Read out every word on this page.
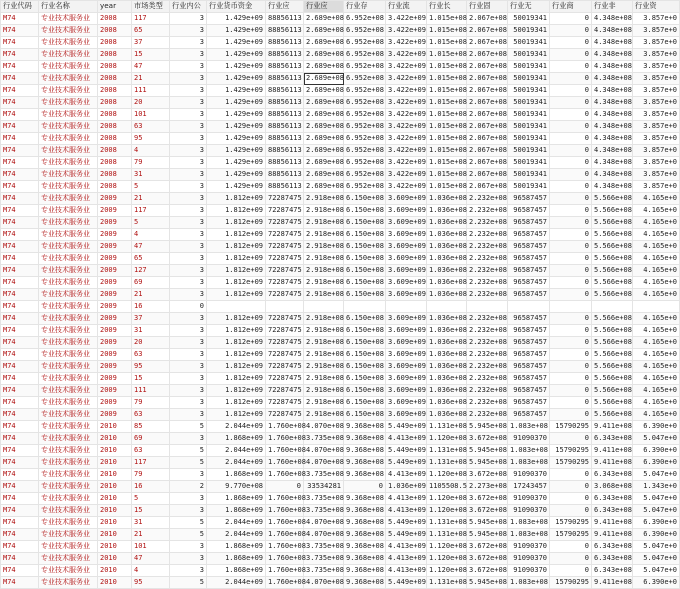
行业代码	行业名称	year	市场类型	行业内公	行业货币资金	行业应	行业应	行业存	行业流	行业长	行业固	行业无	行业商	行业非	行业资
M74	专业技术服务业	2008	117	3	1.429e+09	88856113	2.689e+08	6.952e+08	3.422e+09	1.015e+08	2.067e+08	50019341	0	4.348e+08	3.857e+0
M74	专业技术服务业	2008	65	3	1.429e+09	88856113	2.689e+08	6.952e+08	3.422e+09	1.015e+08	2.067e+08	50019341	0	4.348e+08	3.857e+0
M74	专业技术服务业	2008	37	3	1.429e+09	88856113	2.689e+08	6.952e+08	3.422e+09	1.015e+08	2.067e+08	50019341	0	4.348e+08	3.857e+0
M74	专业技术服务业	2008	15	3	1.429e+09	88856113	2.689e+08	6.952e+08	3.422e+09	1.015e+08	2.067e+08	50019341	0	4.348e+08	3.857e+0
M74	专业技术服务业	2008	47	3	1.429e+09	88856113	2.689e+08	6.952e+08	3.422e+09	1.015e+08	2.067e+08	50019341	0	4.348e+08	3.857e+0
M74	专业技术服务业	2008	21	3	1.429e+09	88856113	2.689e+08	6.952e+08	3.422e+09	1.015e+08	2.067e+08	50019341	0	4.348e+08	3.857e+0
M74	专业技术服务业	2008	111	3	1.429e+09	88856113	2.689e+08	6.952e+08	3.422e+09	1.015e+08	2.067e+08	50019341	0	4.348e+08	3.857e+0
M74	专业技术服务业	2008	20	3	1.429e+09	88856113	2.689e+08	6.952e+08	3.422e+09	1.015e+08	2.067e+08	50019341	0	4.348e+08	3.857e+0
M74	专业技术服务业	2008	101	3	1.429e+09	88856113	2.689e+08	6.952e+08	3.422e+09	1.015e+08	2.067e+08	50019341	0	4.348e+08	3.857e+0
M74	专业技术服务业	2008	63	3	1.429e+09	88856113	2.689e+08	6.952e+08	3.422e+09	1.015e+08	2.067e+08	50019341	0	4.348e+08	3.857e+0
M74	专业技术服务业	2008	95	3	1.429e+09	88856113	2.689e+08	6.952e+08	3.422e+09	1.015e+08	2.067e+08	50019341	0	4.348e+08	3.857e+0
M74	专业技术服务业	2008	4	3	1.429e+09	88856113	2.689e+08	6.952e+08	3.422e+09	1.015e+08	2.067e+08	50019341	0	4.348e+08	3.857e+0
M74	专业技术服务业	2008	79	3	1.429e+09	88856113	2.689e+08	6.952e+08	3.422e+09	1.015e+08	2.067e+08	50019341	0	4.348e+08	3.857e+0
M74	专业技术服务业	2008	31	3	1.429e+09	88856113	2.689e+08	6.952e+08	3.422e+09	1.015e+08	2.067e+08	50019341	0	4.348e+08	3.857e+0
M74	专业技术服务业	2008	5	3	1.429e+09	88856113	2.689e+08	6.952e+08	3.422e+09	1.015e+08	2.067e+08	50019341	0	4.348e+08	3.857e+0
M74	专业技术服务业	2009	21	3	1.812e+09	72287475	2.918e+08	6.150e+08	3.609e+09	1.036e+08	2.232e+08	96587457	0	5.566e+08	4.165e+0
M74	专业技术服务业	2009	117	3	1.812e+09	72287475	2.918e+08	6.150e+08	3.609e+09	1.036e+08	2.232e+08	96587457	0	5.566e+08	4.165e+0
M74	专业技术服务业	2009	5	3	1.812e+09	72287475	2.918e+08	6.150e+08	3.609e+09	1.036e+08	2.232e+08	96587457	0	5.566e+08	4.165e+0
M74	专业技术服务业	2009	4	3	1.812e+09	72287475	2.918e+08	6.150e+08	3.609e+09	1.036e+08	2.232e+08	96587457	0	5.566e+08	4.165e+0
M74	专业技术服务业	2009	47	3	1.812e+09	72287475	2.918e+08	6.150e+08	3.609e+09	1.036e+08	2.232e+08	96587457	0	5.566e+08	4.165e+0
M74	专业技术服务业	2009	65	3	1.812e+09	72287475	2.918e+08	6.150e+08	3.609e+09	1.036e+08	2.232e+08	96587457	0	5.566e+08	4.165e+0
M74	专业技术服务业	2009	127	3	1.812e+09	72287475	2.918e+08	6.150e+08	3.609e+09	1.036e+08	2.232e+08	96587457	0	5.566e+08	4.165e+0
M74	专业技术服务业	2009	69	3	1.812e+09	72287475	2.918e+08	6.150e+08	3.609e+09	1.036e+08	2.232e+08	96587457	0	5.566e+08	4.165e+0
M74	专业技术服务业	2009	21	3	1.812e+09	72287475	2.918e+08	6.150e+08	3.609e+09	1.036e+08	2.232e+08	96587457	0	5.566e+08	4.165e+0
M74	专业技术服务业	2009	16	0											
M74	专业技术服务业	2009	37	3	1.812e+09	72287475	2.918e+08	6.150e+08	3.609e+09	1.036e+08	2.232e+08	96587457	0	5.566e+08	4.165e+0
M74	专业技术服务业	2009	31	3	1.812e+09	72287475	2.918e+08	6.150e+08	3.609e+09	1.036e+08	2.232e+08	96587457	0	5.566e+08	4.165e+0
M74	专业技术服务业	2009	20	3	1.812e+09	72287475	2.918e+08	6.150e+08	3.609e+09	1.036e+08	2.232e+08	96587457	0	5.566e+08	4.165e+0
M74	专业技术服务业	2009	63	3	1.812e+09	72287475	2.918e+08	6.150e+08	3.609e+09	1.036e+08	2.232e+08	96587457	0	5.566e+08	4.165e+0
M74	专业技术服务业	2009	95	3	1.812e+09	72287475	2.918e+08	6.150e+08	3.609e+09	1.036e+08	2.232e+08	96587457	0	5.566e+08	4.165e+0
M74	专业技术服务业	2009	15	3	1.812e+09	72287475	2.918e+08	6.150e+08	3.609e+09	1.036e+08	2.232e+08	96587457	0	5.566e+08	4.165e+0
M74	专业技术服务业	2009	111	3	1.812e+09	72287475	2.918e+08	6.150e+08	3.609e+09	1.036e+08	2.232e+08	96587457	0	5.566e+08	4.165e+0
M74	专业技术服务业	2009	79	3	1.812e+09	72287475	2.918e+08	6.150e+08	3.609e+09	1.036e+08	2.232e+08	96587457	0	5.566e+08	4.165e+0
M74	专业技术服务业	2009	63	3	1.812e+09	72287475	2.918e+08	6.150e+08	3.609e+09	1.036e+08	2.232e+08	96587457	0	5.566e+08	4.165e+0
M74	专业技术服务业	2010	85	5	2.044e+09	1.760e+08	4.070e+08	9.368e+08	5.449e+09	1.131e+08	5.945e+08	1.083e+08	15790295	9.411e+08	6.390e+0
M74	专业技术服务业	2010	69	3	1.868e+09	1.760e+08	3.735e+08	9.368e+08	4.413e+09	1.120e+08	3.672e+08	91090370	0	6.343e+08	5.047e+0
M74	专业技术服务业	2010	63	5	2.044e+09	1.760e+08	4.070e+08	9.368e+08	5.449e+09	1.131e+08	5.945e+08	1.083e+08	15790295	9.411e+08	6.390e+0
M74	专业技术服务业	2010	117	5	2.044e+09	1.760e+08	4.070e+08	9.368e+08	5.449e+09	1.131e+08	5.945e+08	1.083e+08	15790295	9.411e+08	6.390e+0
M74	专业技术服务业	2010	79	3	1.868e+09	1.760e+08	3.735e+08	9.368e+08	4.413e+09	1.120e+08	3.672e+08	91090370	0	6.343e+08	5.047e+0
M74	专业技术服务业	2010	16	2	9.770e+08	0	33534281	0	1.036e+09	1105508.5	2.273e+08	17243457	0	3.068e+08	1.343e+0
M74	专业技术服务业	2010	5	3	1.868e+09	1.760e+08	3.735e+08	9.368e+08	4.413e+09	1.120e+08	3.672e+08	91090370	0	6.343e+08	5.047e+0
M74	专业技术服务业	2010	15	3	1.868e+09	1.760e+08	3.735e+08	9.368e+08	4.413e+09	1.120e+08	3.672e+08	91090370	0	6.343e+08	5.047e+0
M74	专业技术服务业	2010	31	5	2.044e+09	1.760e+08	4.070e+08	9.368e+08	5.449e+09	1.131e+08	5.945e+08	1.083e+08	15790295	9.411e+08	6.390e+0
M74	专业技术服务业	2010	21	5	2.044e+09	1.760e+08	4.070e+08	9.368e+08	5.449e+09	1.131e+08	5.945e+08	1.083e+08	15790295	9.411e+08	6.390e+0
M74	专业技术服务业	2010	101	3	1.868e+09	1.760e+08	3.735e+08	9.368e+08	4.413e+09	1.120e+08	3.672e+08	91090370	0	6.343e+08	5.047e+0
M74	专业技术服务业	2010	47	3	1.868e+09	1.760e+08	3.735e+08	9.368e+08	4.413e+09	1.120e+08	3.672e+08	91090370	0	6.343e+08	5.047e+0
M74	专业技术服务业	2010	4	3	1.868e+09	1.760e+08	3.735e+08	9.368e+08	4.413e+09	1.120e+08	3.672e+08	91090370	0	6.343e+08	5.047e+0
M74	专业技术服务业	2010	95	5	2.044e+09	1.760e+08	4.070e+08	9.368e+08	5.449e+09	1.131e+08	5.945e+08	1.083e+08	15790295	9.411e+08	6.390e+0
